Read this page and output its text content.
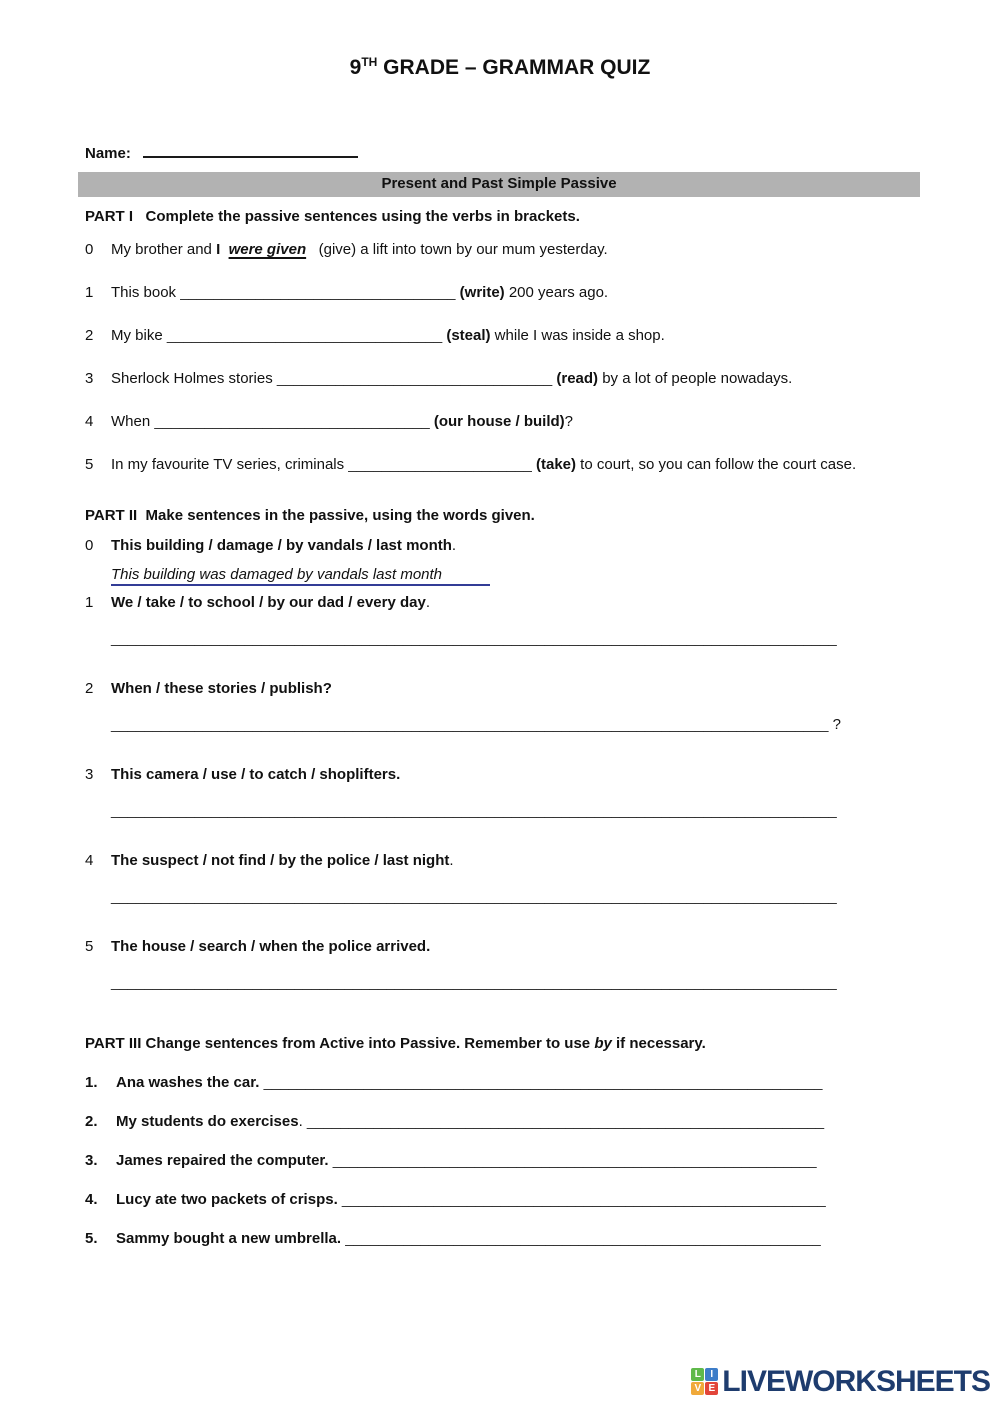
9TH GRADE – GRAMMAR QUIZ
Name:
Present and Past Simple Passive
PART I   Complete the passive sentences using the verbs in brackets.
0	My brother and I were given   (give) a lift into town by our mum yesterday.
1	This book _________________________________ (write) 200 years ago.
2	My bike _________________________________ (steal) while I was inside a shop.
3	Sherlock Holmes stories _________________________________ (read) by a lot of people nowadays.
4	When _________________________________ (our house / build)?
5	In my favourite TV series, criminals ______________________ (take) to court, so you can follow the court case.
PART II  Make sentences in the passive, using the words given.
0	This building / damage / by vandals / last month.
This building was damaged by vandals last month
1	We / take / to school / by our dad / every day.
_______________________________________________________________________________________
2	When / these stories / publish?
______________________________________________________________________________________ ?
3	This camera / use / to catch / shoplifters.
_______________________________________________________________________________________
4	The suspect / not find / by the police / last night.
_______________________________________________________________________________________
5	The house / search / when the police arrived.
_______________________________________________________________________________________
PART III Change sentences from Active into Passive. Remember to use by if necessary.
1.	Ana washes the car. ___________________________________________________________________
2.	My students do exercises. ______________________________________________________________
3.	James repaired the computer. __________________________________________________________
4.	Lucy ate two packets of crisps. __________________________________________________________
5.	Sammy bought a new umbrella. _________________________________________________________
L I
V E LIVEWORKSHEETS
